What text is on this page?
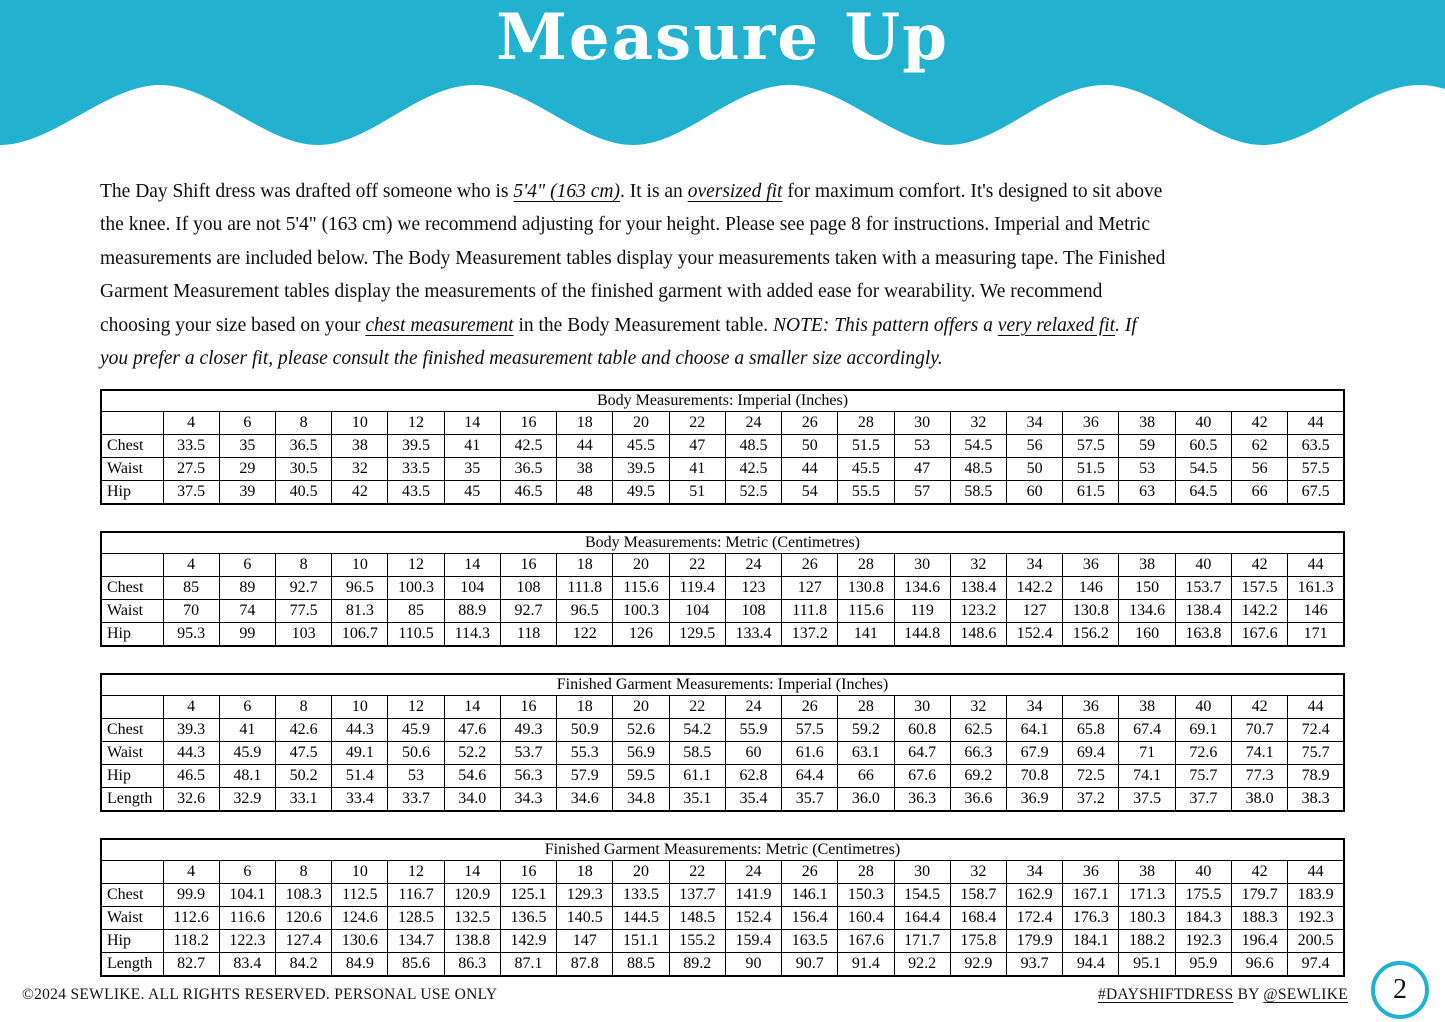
Measure Up

The Day Shift dress was drafted off someone who is 5'4" (163 cm). It is an oversized fit for maximum comfort. It's designed to sit above
the knee. If you are not 5'4" (163 cm) we recommend adjusting for your height. Please see page 8 for instructions. Imperial and Metric
measurements are included below. The Body Measurement tables display your measurements taken with a measuring tape. The Finished
Garment Measurement tables display the measurements of the finished garment with added ease for wearability. We recommend
choosing your size based on your chest measurement in the Body Measurement table. NOTE: This pattern offers a very relaxed fit. If
you prefer a closer fit, please consult the finished measurement table and choose a smaller size accordingly.

Body Measurements: Imperial (Inches)																					
	4	6	8	10	12	14	16	18	20	22	24	26	28	30	32	34	36	38	40	42	44
Chest	33.5	35	36.5	38	39.5	41	42.5	44	45.5	47	48.5	50	51.5	53	54.5	56	57.5	59	60.5	62	63.5
Waist	27.5	29	30.5	32	33.5	35	36.5	38	39.5	41	42.5	44	45.5	47	48.5	50	51.5	53	54.5	56	57.5
Hip	37.5	39	40.5	42	43.5	45	46.5	48	49.5	51	52.5	54	55.5	57	58.5	60	61.5	63	64.5	66	67.5
Body Measurements: Metric (Centimetres)																					
	4	6	8	10	12	14	16	18	20	22	24	26	28	30	32	34	36	38	40	42	44
Chest	85	89	92.7	96.5	100.3	104	108	111.8	115.6	119.4	123	127	130.8	134.6	138.4	142.2	146	150	153.7	157.5	161.3
Waist	70	74	77.5	81.3	85	88.9	92.7	96.5	100.3	104	108	111.8	115.6	119	123.2	127	130.8	134.6	138.4	142.2	146
Hip	95.3	99	103	106.7	110.5	114.3	118	122	126	129.5	133.4	137.2	141	144.8	148.6	152.4	156.2	160	163.8	167.6	171
Finished Garment Measurements: Imperial (Inches)																					
	4	6	8	10	12	14	16	18	20	22	24	26	28	30	32	34	36	38	40	42	44
Chest	39.3	41	42.6	44.3	45.9	47.6	49.3	50.9	52.6	54.2	55.9	57.5	59.2	60.8	62.5	64.1	65.8	67.4	69.1	70.7	72.4
Waist	44.3	45.9	47.5	49.1	50.6	52.2	53.7	55.3	56.9	58.5	60	61.6	63.1	64.7	66.3	67.9	69.4	71	72.6	74.1	75.7
Hip	46.5	48.1	50.2	51.4	53	54.6	56.3	57.9	59.5	61.1	62.8	64.4	66	67.6	69.2	70.8	72.5	74.1	75.7	77.3	78.9
Length	32.6	32.9	33.1	33.4	33.7	34.0	34.3	34.6	34.8	35.1	35.4	35.7	36.0	36.3	36.6	36.9	37.2	37.5	37.7	38.0	38.3
Finished Garment Measurements: Metric (Centimetres)																					
	4	6	8	10	12	14	16	18	20	22	24	26	28	30	32	34	36	38	40	42	44
Chest	99.9	104.1	108.3	112.5	116.7	120.9	125.1	129.3	133.5	137.7	141.9	146.1	150.3	154.5	158.7	162.9	167.1	171.3	175.5	179.7	183.9
Waist	112.6	116.6	120.6	124.6	128.5	132.5	136.5	140.5	144.5	148.5	152.4	156.4	160.4	164.4	168.4	172.4	176.3	180.3	184.3	188.3	192.3
Hip	118.2	122.3	127.4	130.6	134.7	138.8	142.9	147	151.1	155.2	159.4	163.5	167.6	171.7	175.8	179.9	184.1	188.2	192.3	196.4	200.5
Length	82.7	83.4	84.2	84.9	85.6	86.3	87.1	87.8	88.5	89.2	90	90.7	91.4	92.2	92.9	93.7	94.4	95.1	95.9	96.6	97.4
©2024 SEWLIKE. ALL RIGHTS RESERVED. PERSONAL USE ONLY	#DAYSHIFTDRESS BY @SEWLIKE 2
